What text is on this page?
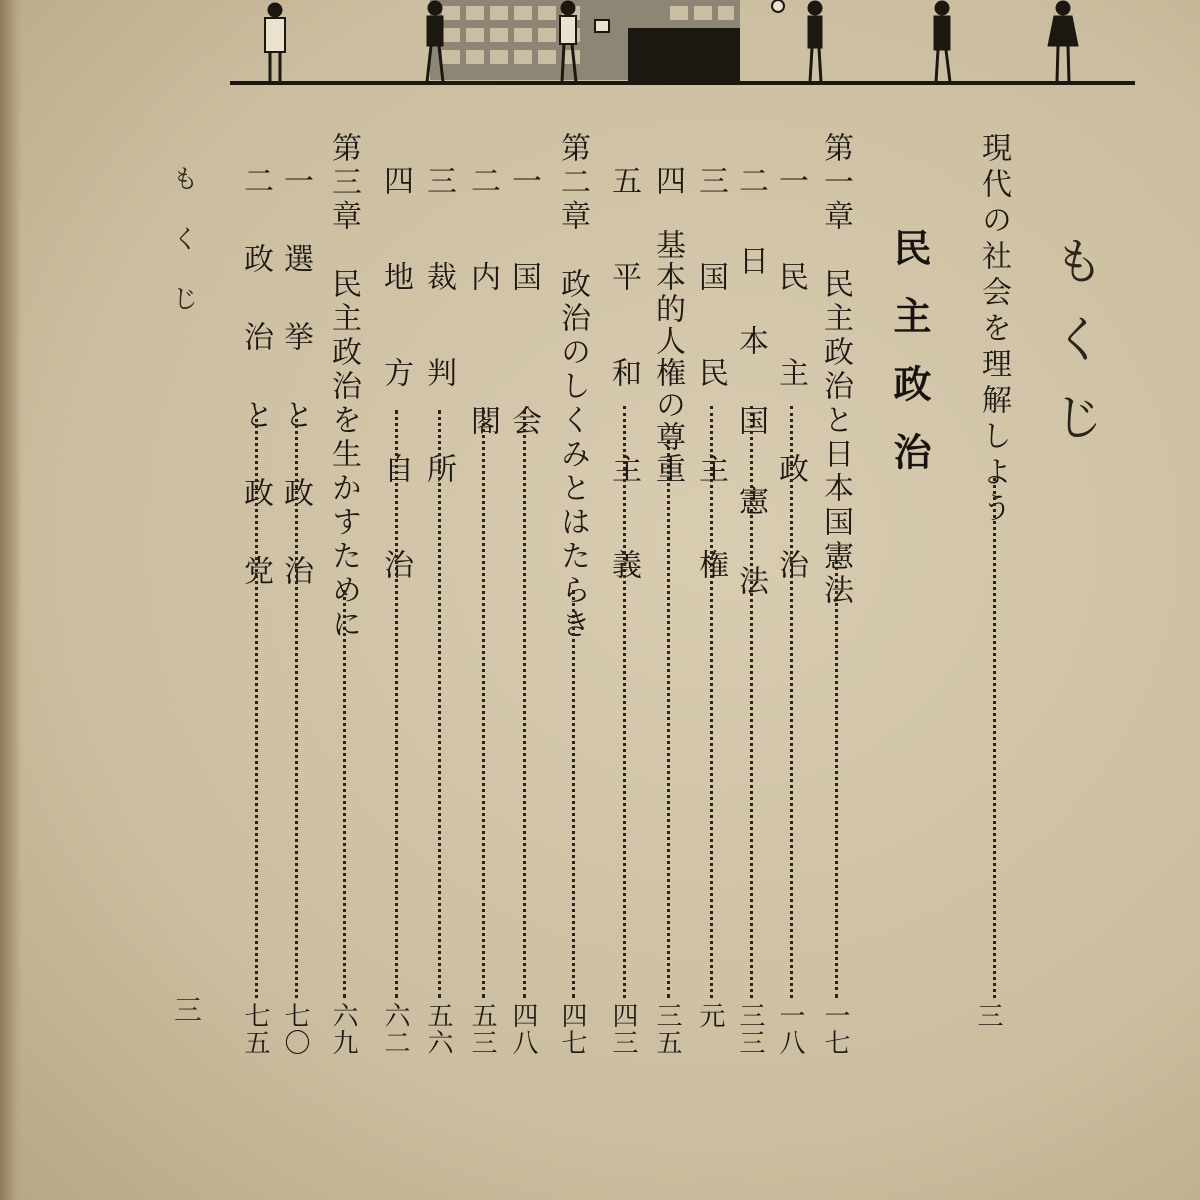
もくじ
もくじ
三
民主政治 現代の社会を理解しよう
三
第一章　民主政治と日本国憲法
一七
一　民　主　政　治
一八
二　日　本　国　憲　法
三三
三　国　民　主　権
元
四　基本的人権の尊重
三五
五　平　和　主　義
四三
第二章　政治のしくみとはたらき
四七
一　国　　会
四八
二　内　　閣
五三
三　裁　判　所
五六
四　地　方　自　治
六二
第三章　民主政治を生かすために
六九
一　選　挙　と　政　治
七〇
二　政　治　と　政　党
七五
